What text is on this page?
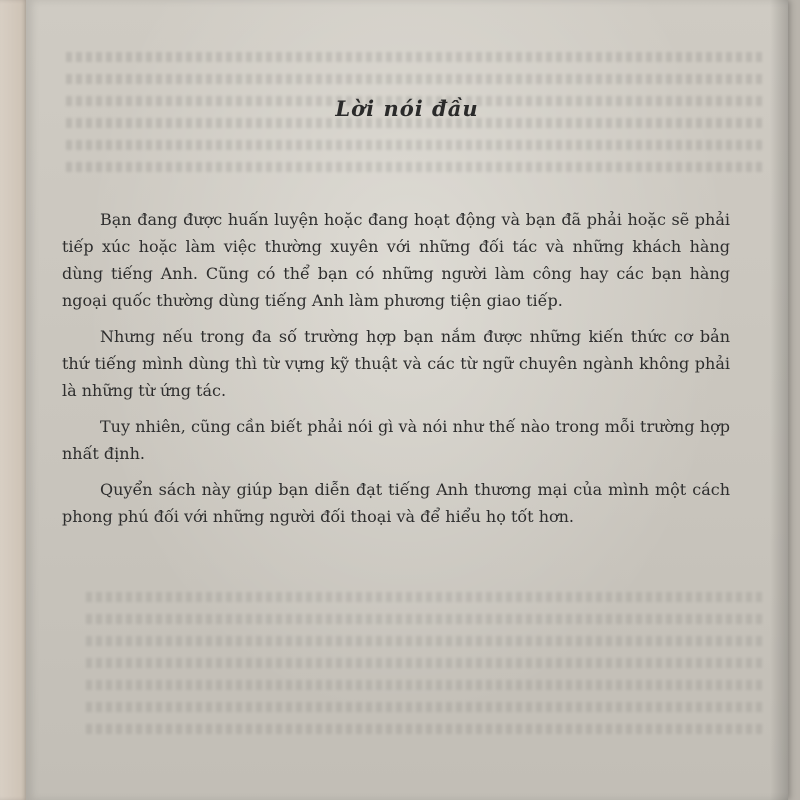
Lời nói đầu

Bạn đang được huấn luyện hoặc đang hoạt động và bạn đã phải hoặc sẽ phải tiếp xúc hoặc làm việc thường xuyên với những đối tác và những khách hàng dùng tiếng Anh. Cũng có thể bạn có những người làm công hay các bạn hàng ngoại quốc thường dùng tiếng Anh làm phương tiện giao tiếp.

Nhưng nếu trong đa số trường hợp bạn nắm được những kiến thức cơ bản thứ tiếng mình dùng thì từ vựng kỹ thuật và các từ ngữ chuyên ngành không phải là những từ ứng tác.

Tuy nhiên, cũng cần biết phải nói gì và nói như thế nào trong mỗi trường hợp nhất định.

Quyển sách này giúp bạn diễn đạt tiếng Anh thương mại của mình một cách phong phú đối với những người đối thoại và để hiểu họ tốt hơn.
